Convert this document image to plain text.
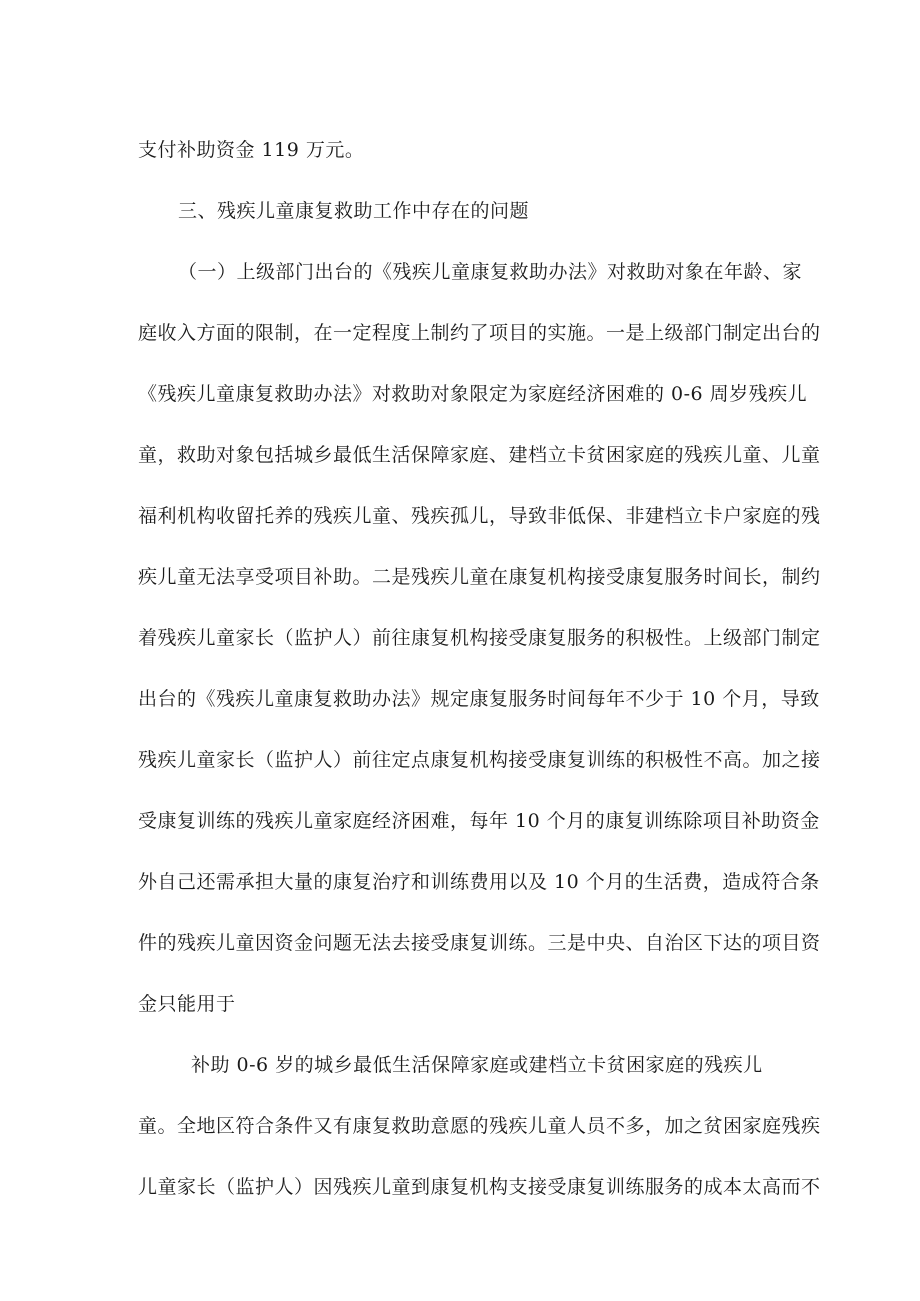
支付补助资金 119 万元。
三、残疾儿童康复救助工作中存在的问题
（一）上级部门出台的《残疾儿童康复救助办法》对救助对象在年龄、家
庭收入方面的限制，在一定程度上制约了项目的实施。一是上级部门制定出台的
《残疾儿童康复救助办法》对救助对象限定为家庭经济困难的 0-6 周岁残疾儿
童，救助对象包括城乡最低生活保障家庭、建档立卡贫困家庭的残疾儿童、儿童
福利机构收留托养的残疾儿童、残疾孤儿，导致非低保、非建档立卡户家庭的残
疾儿童无法享受项目补助。二是残疾儿童在康复机构接受康复服务时间长，制约
着残疾儿童家长（监护人）前往康复机构接受康复服务的积极性。上级部门制定
出台的《残疾儿童康复救助办法》规定康复服务时间每年不少于 10 个月，导致
残疾儿童家长（监护人）前往定点康复机构接受康复训练的积极性不高。加之接
受康复训练的残疾儿童家庭经济困难，每年 10 个月的康复训练除项目补助资金
外自己还需承担大量的康复治疗和训练费用以及 10 个月的生活费，造成符合条
件的残疾儿童因资金问题无法去接受康复训练。三是中央、自治区下达的项目资
金只能用于
补助 0-6 岁的城乡最低生活保障家庭或建档立卡贫困家庭的残疾儿
童。全地区符合条件又有康复救助意愿的残疾儿童人员不多，加之贫困家庭残疾
儿童家长（监护人）因残疾儿童到康复机构支接受康复训练服务的成本太高而不
